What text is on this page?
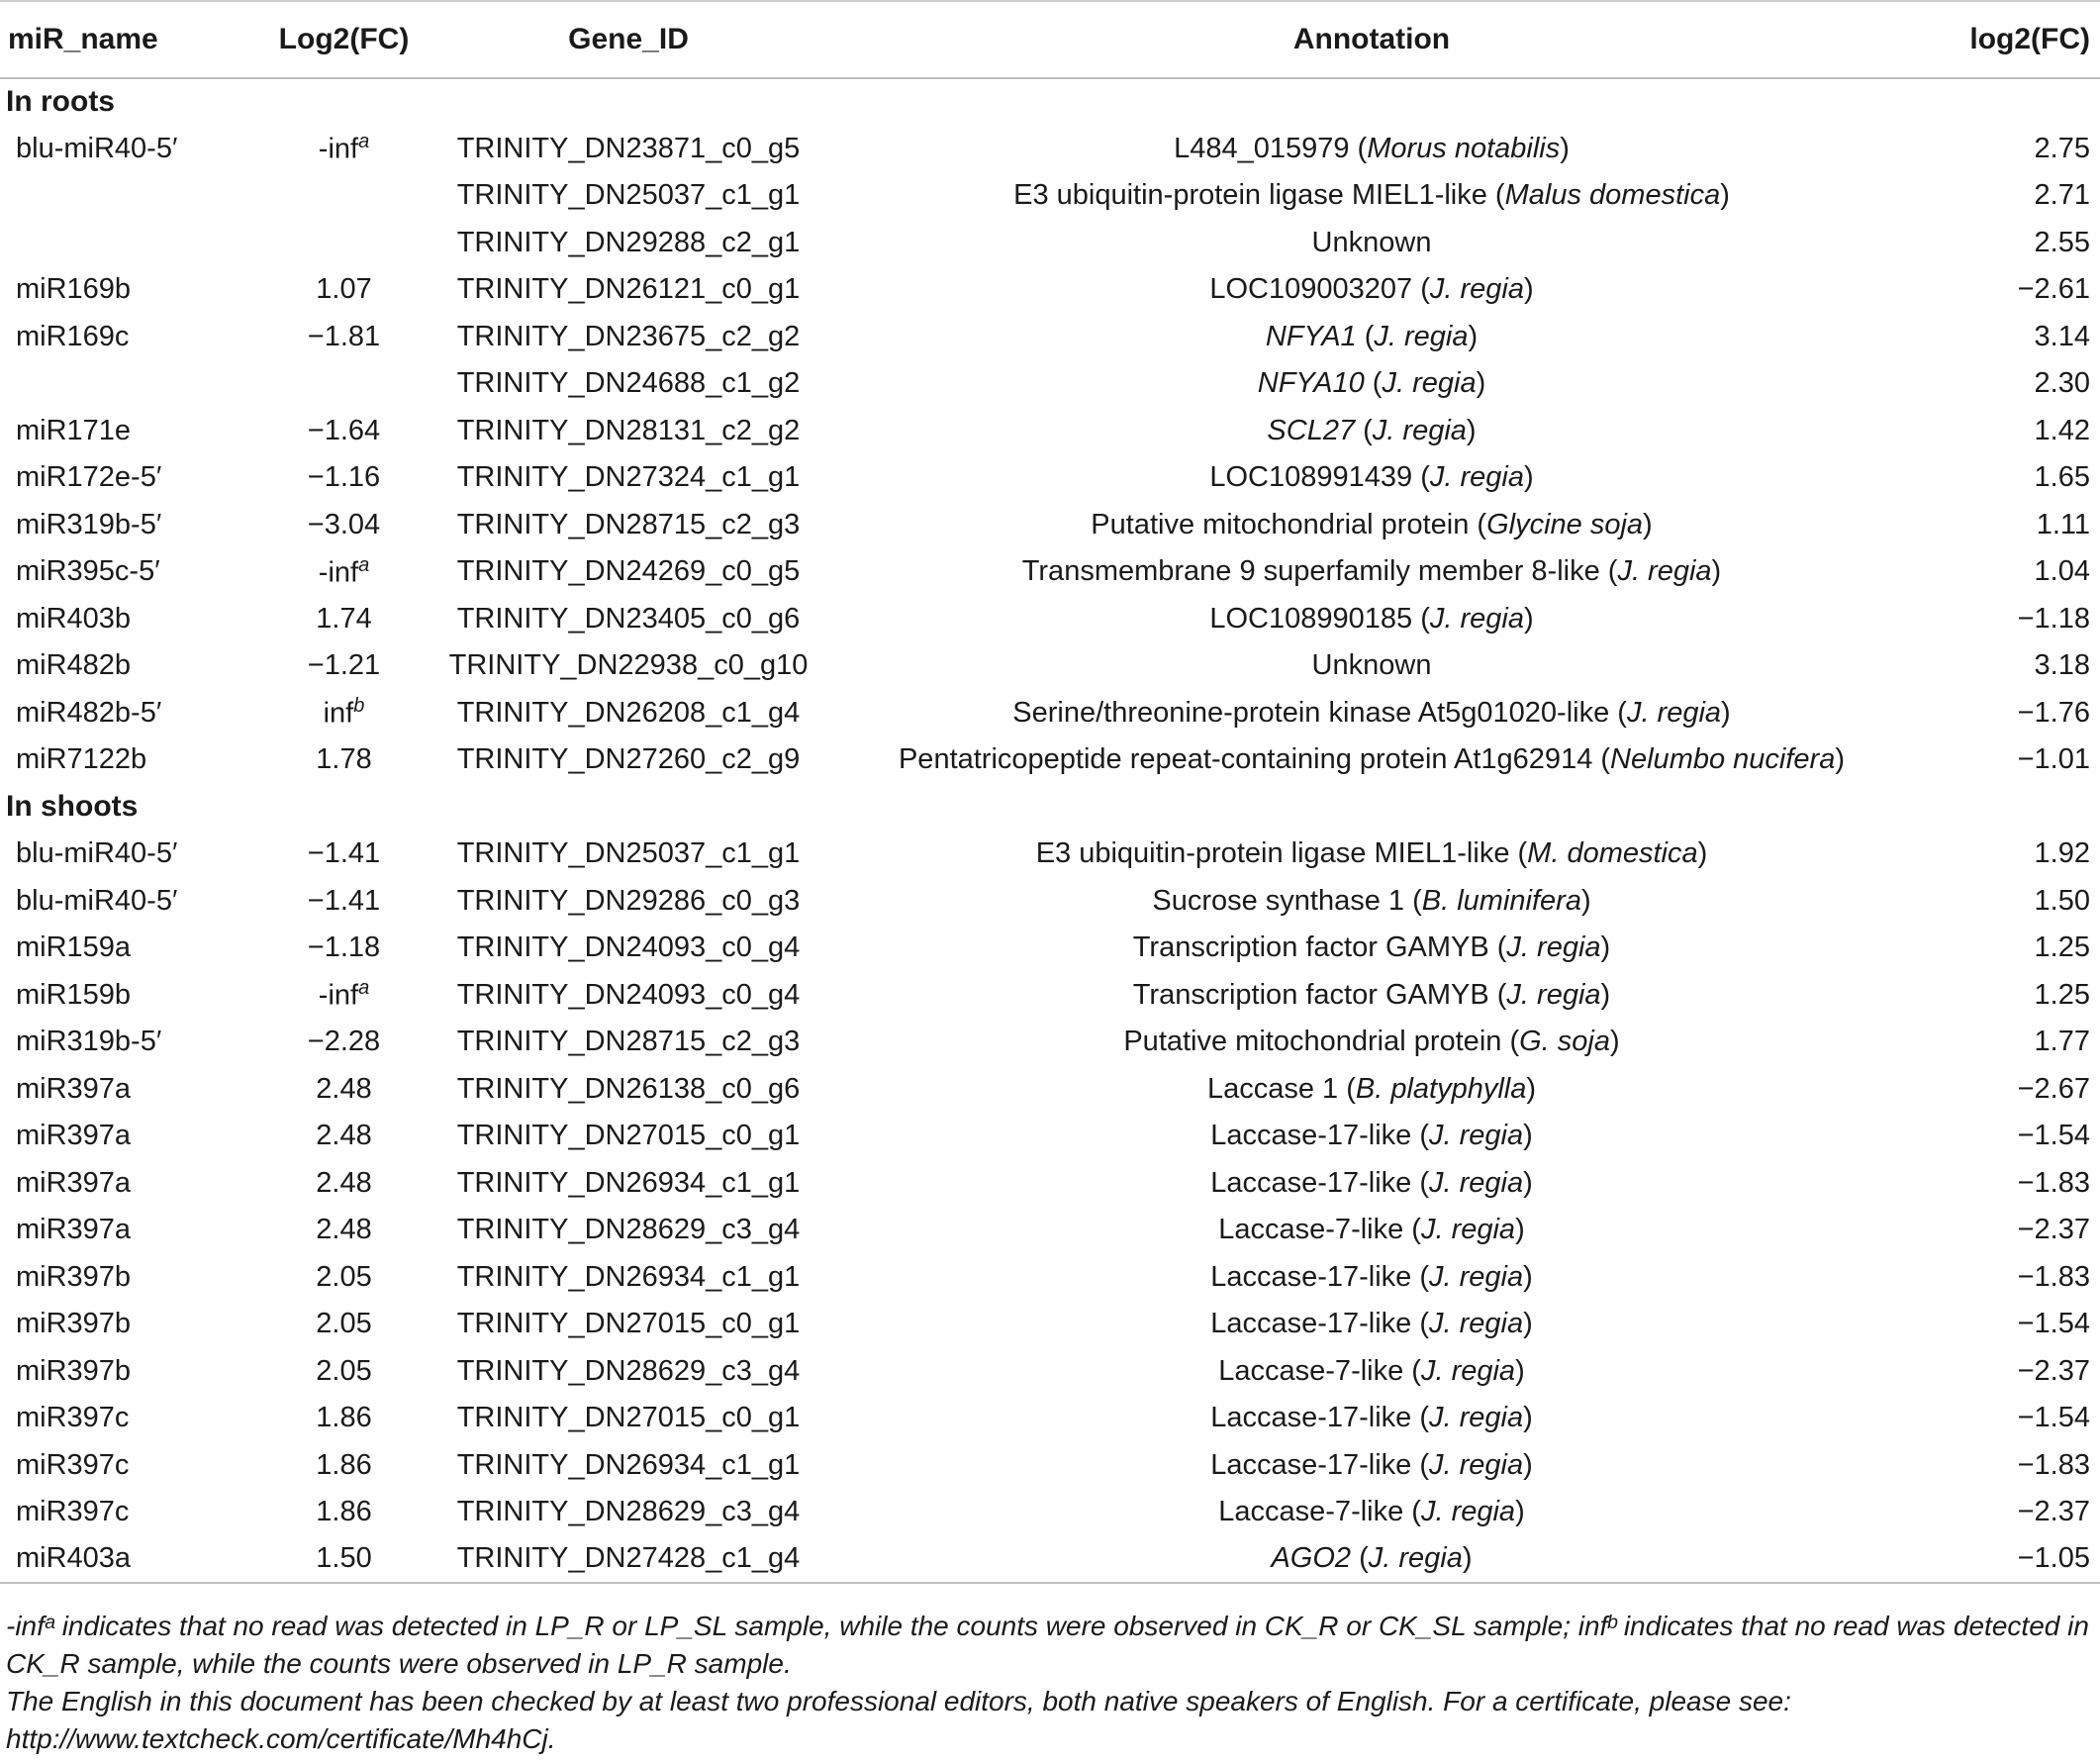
miR_name	Log2(FC)	Gene_ID	Annotation	log2(FC)
In roots				
blu-miR40-5′	-inf$^a$	TRINITY_DN23871_c0_g5	L484_015979 (Morus notabilis)	2.75
		TRINITY_DN25037_c1_g1	E3 ubiquitin-protein ligase MIEL1-like (Malus domestica)	2.71
		TRINITY_DN29288_c2_g1	Unknown	2.55
miR169b	1.07	TRINITY_DN26121_c0_g1	LOC109003207 (J. regia)	−2.61
miR169c	−1.81	TRINITY_DN23675_c2_g2	NFYA1 (J. regia)	3.14
		TRINITY_DN24688_c1_g2	NFYA10 (J. regia)	2.30
miR171e	−1.64	TRINITY_DN28131_c2_g2	SCL27 (J. regia)	1.42
miR172e-5′	−1.16	TRINITY_DN27324_c1_g1	LOC108991439 (J. regia)	1.65
miR319b-5′	−3.04	TRINITY_DN28715_c2_g3	Putative mitochondrial protein (Glycine soja)	1.11
miR395c-5′	-inf$^a$	TRINITY_DN24269_c0_g5	Transmembrane 9 superfamily member 8-like (J. regia)	1.04
miR403b	1.74	TRINITY_DN23405_c0_g6	LOC108990185 (J. regia)	−1.18
miR482b	−1.21	TRINITY_DN22938_c0_g10	Unknown	3.18
miR482b-5′	inf$^b$	TRINITY_DN26208_c1_g4	Serine/threonine-protein kinase At5g01020-like (J. regia)	−1.76
miR7122b	1.78	TRINITY_DN27260_c2_g9	Pentatricopeptide repeat-containing protein At1g62914 (Nelumbo nucifera)	−1.01
In shoots				
blu-miR40-5′	−1.41	TRINITY_DN25037_c1_g1	E3 ubiquitin-protein ligase MIEL1-like (M. domestica)	1.92
blu-miR40-5′	−1.41	TRINITY_DN29286_c0_g3	Sucrose synthase 1 (B. luminifera)	1.50
miR159a	−1.18	TRINITY_DN24093_c0_g4	Transcription factor GAMYB (J. regia)	1.25
miR159b	-inf$^a$	TRINITY_DN24093_c0_g4	Transcription factor GAMYB (J. regia)	1.25
miR319b-5′	−2.28	TRINITY_DN28715_c2_g3	Putative mitochondrial protein (G. soja)	1.77
miR397a	2.48	TRINITY_DN26138_c0_g6	Laccase 1 (B. platyphylla)	−2.67
miR397a	2.48	TRINITY_DN27015_c0_g1	Laccase-17-like (J. regia)	−1.54
miR397a	2.48	TRINITY_DN26934_c1_g1	Laccase-17-like (J. regia)	−1.83
miR397a	2.48	TRINITY_DN28629_c3_g4	Laccase-7-like (J. regia)	−2.37
miR397b	2.05	TRINITY_DN26934_c1_g1	Laccase-17-like (J. regia)	−1.83
miR397b	2.05	TRINITY_DN27015_c0_g1	Laccase-17-like (J. regia)	−1.54
miR397b	2.05	TRINITY_DN28629_c3_g4	Laccase-7-like (J. regia)	−2.37
miR397c	1.86	TRINITY_DN27015_c0_g1	Laccase-17-like (J. regia)	−1.54
miR397c	1.86	TRINITY_DN26934_c1_g1	Laccase-17-like (J. regia)	−1.83
miR397c	1.86	TRINITY_DN28629_c3_g4	Laccase-7-like (J. regia)	−2.37
miR403a	1.50	TRINITY_DN27428_c1_g4	AGO2 (J. regia)	−1.05

-infᵃ indicates that no read was detected in LP_R or LP_SL sample, while the counts were observed in CK_R or CK_SL sample; infᵇ indicates that no read was detected in CK_R sample, while the counts were observed in LP_R sample.

The English in this document has been checked by at least two professional editors, both native speakers of English. For a certificate, please see: http://www.textcheck.com/certificate/Mh4hCj.
